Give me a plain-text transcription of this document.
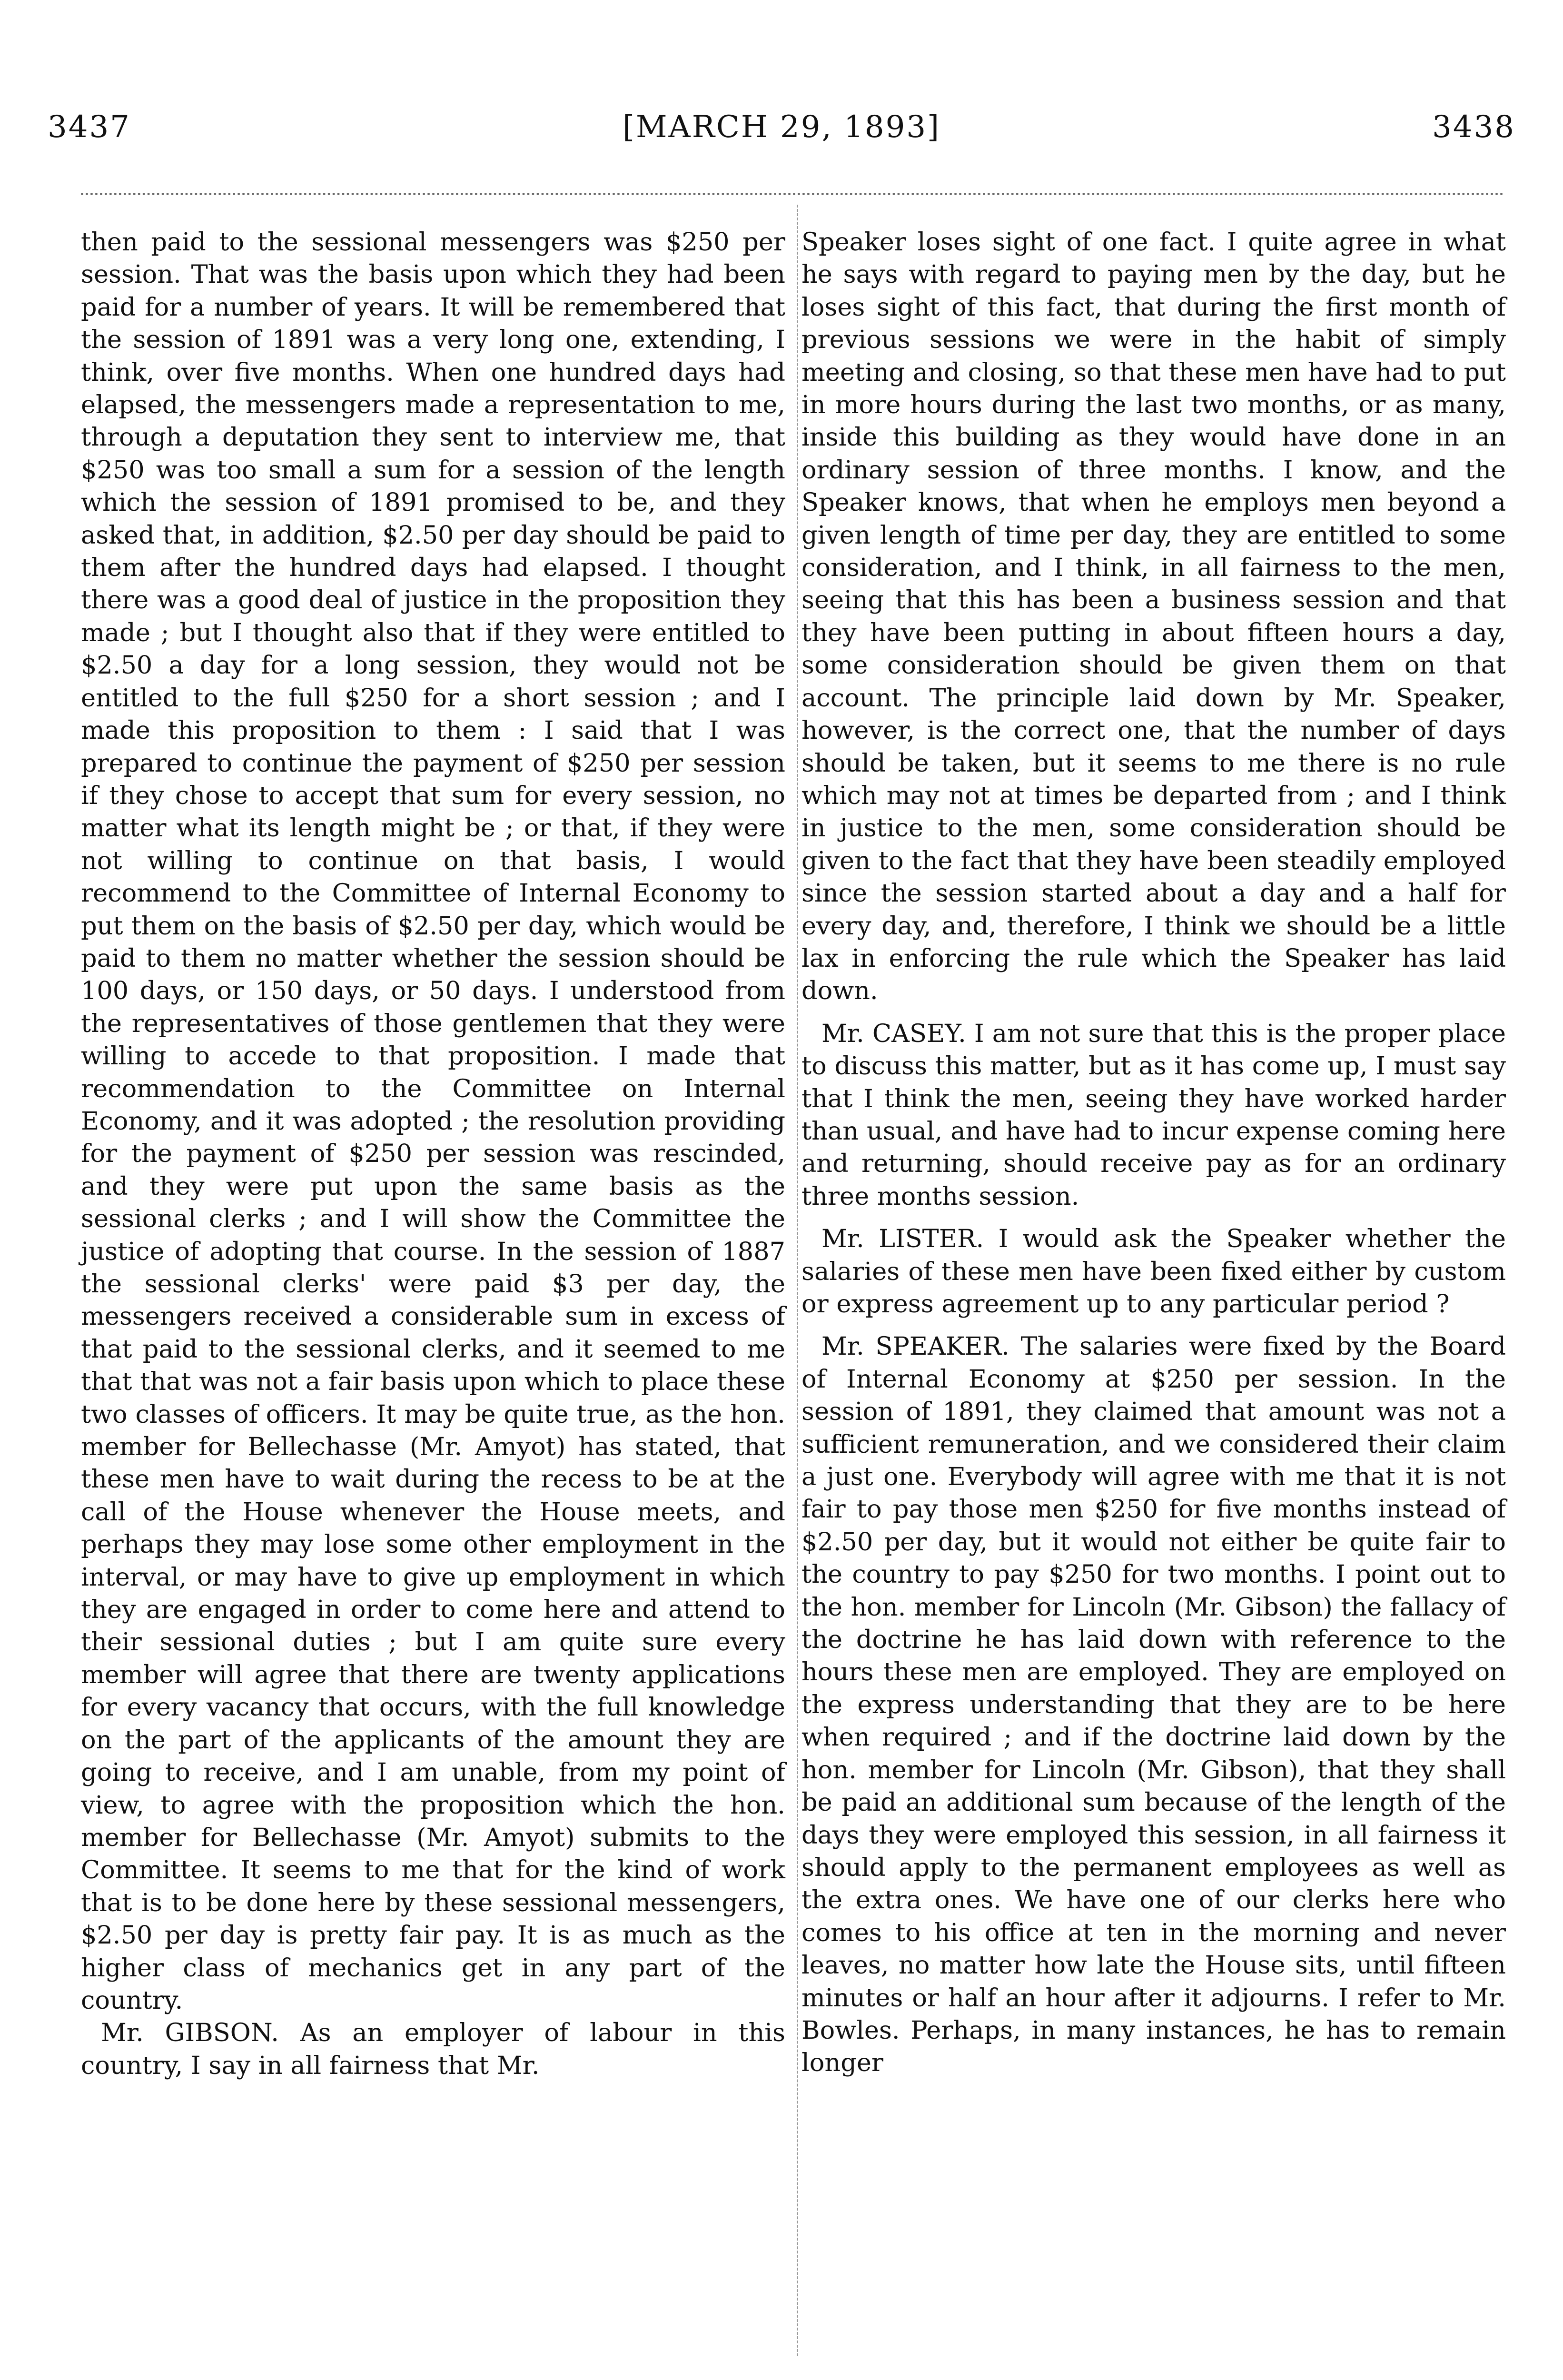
3437	[MARCH 29, 1893]	3438

then paid to the sessional messengers was $250 per session. That was the basis upon which they had been paid for a number of years. It will be remembered that the session of 1891 was a very long one, extending, I think, over five months. When one hundred days had elapsed, the messengers made a representation to me, through a deputation they sent to interview me, that $250 was too small a sum for a session of the length which the session of 1891 promised to be, and they asked that, in addition, $2.50 per day should be paid to them after the hundred days had elapsed. I thought there was a good deal of justice in the proposition they made ; but I thought also that if they were entitled to $2.50 a day for a long session, they would not be entitled to the full $250 for a short session ; and I made this proposition to them : I said that I was prepared to continue the payment of $250 per session if they chose to accept that sum for every session, no matter what its length might be ; or that, if they were not willing to continue on that basis, I would recommend to the Committee of Internal Economy to put them on the basis of $2.50 per day, which would be paid to them no matter whether the session should be 100 days, or 150 days, or 50 days. I understood from the representatives of those gentlemen that they were willing to accede to that proposition. I made that recommendation to the Committee on Internal Economy, and it was adopted ; the resolution providing for the payment of $250 per session was rescinded, and they were put upon the same basis as the sessional clerks ; and I will show the Committee the justice of adopting that course. In the session of 1887 the sessional clerks' were paid $3 per day, the messengers received a considerable sum in excess of that paid to the sessional clerks, and it seemed to me that that was not a fair basis upon which to place these two classes of officers. It may be quite true, as the hon. member for Bellechasse (Mr. Amyot) has stated, that these men have to wait during the recess to be at the call of the House whenever the House meets, and perhaps they may lose some other employment in the interval, or may have to give up employment in which they are engaged in order to come here and attend to their sessional duties ; but I am quite sure every member will agree that there are twenty applications for every vacancy that occurs, with the full knowledge on the part of the applicants of the amount they are going to receive, and I am unable, from my point of view, to agree with the proposition which the hon. member for Bellechasse (Mr. Amyot) submits to the Committee. It seems to me that for the kind of work that is to be done here by these sessional messengers, $2.50 per day is pretty fair pay. It is as much as the higher class of mechanics get in any part of the country.

Mr. GIBSON. As an employer of labour in this country, I say in all fairness that Mr.

Speaker loses sight of one fact. I quite agree in what he says with regard to paying men by the day, but he loses sight of this fact, that during the first month of previous sessions we were in the habit of simply meeting and closing, so that these men have had to put in more hours during the last two months, or as many, inside this building as they would have done in an ordinary session of three months. I know, and the Speaker knows, that when he employs men beyond a given length of time per day, they are entitled to some consideration, and I think, in all fairness to the men, seeing that this has been a business session and that they have been putting in about fifteen hours a day, some consideration should be given them on that account. The principle laid down by Mr. Speaker, however, is the correct one, that the number of days should be taken, but it seems to me there is no rule which may not at times be departed from ; and I think in justice to the men, some consideration should be given to the fact that they have been steadily employed since the session started about a day and a half for every day, and, therefore, I think we should be a little lax in enforcing the rule which the Speaker has laid down.

Mr. CASEY. I am not sure that this is the proper place to discuss this matter, but as it has come up, I must say that I think the men, seeing they have worked harder than usual, and have had to incur expense coming here and returning, should receive pay as for an ordinary three months session.

Mr. LISTER. I would ask the Speaker whether the salaries of these men have been fixed either by custom or express agreement up to any particular period ?

Mr. SPEAKER. The salaries were fixed by the Board of Internal Economy at $250 per session. In the session of 1891, they claimed that amount was not a sufficient remuneration, and we considered their claim a just one. Everybody will agree with me that it is not fair to pay those men $250 for five months instead of $2.50 per day, but it would not either be quite fair to the country to pay $250 for two months. I point out to the hon. member for Lincoln (Mr. Gibson) the fallacy of the doctrine he has laid down with reference to the hours these men are employed. They are employed on the express understanding that they are to be here when required ; and if the doctrine laid down by the hon. member for Lincoln (Mr. Gibson), that they shall be paid an additional sum because of the length of the days they were employed this session, in all fairness it should apply to the permanent employees as well as the extra ones. We have one of our clerks here who comes to his office at ten in the morning and never leaves, no matter how late the House sits, until fifteen minutes or half an hour after it adjourns. I refer to Mr. Bowles. Perhaps, in many instances, he has to remain longer
